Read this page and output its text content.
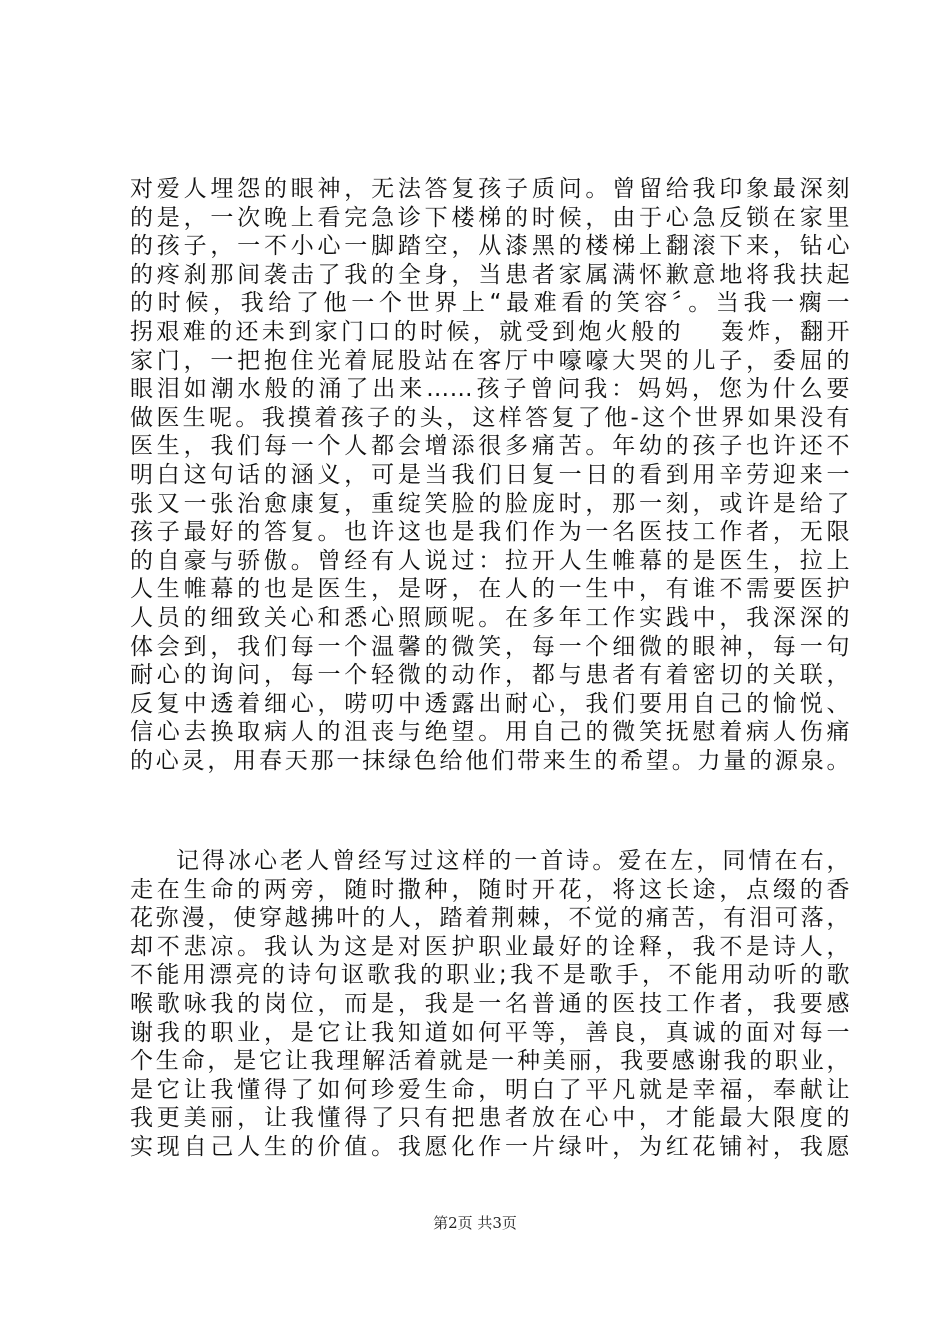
对爱人埋怨的眼神，无法答复孩子质问。曾留给我印象最深刻
的是，一次晚上看完急诊下楼梯的时候，由于心急反锁在家里
的孩子，一不小心一脚踏空，从漆黑的楼梯上翻滚下来，钻心
的疼刹那间袭击了我的全身，当患者家属满怀歉意地将我扶起
的时候，我给了他一个世界上“最难看的笑容〞。当我一瘸一
拐艰难的还未到家门口的时候，就受到炮火般的　 轰炸，翻开
家门，一把抱住光着屁股站在客厅中嚎嚎大哭的儿子，委屈的
眼泪如潮水般的涌了出来……孩子曾问我：妈妈，您为什么要
做医生呢。我摸着孩子的头，这样答复了他-这个世界如果没有
医生，我们每一个人都会增添很多痛苦。年幼的孩子也许还不
明白这句话的涵义，可是当我们日复一日的看到用辛劳迎来一
张又一张治愈康复，重绽笑脸的脸庞时，那一刻，或许是给了
孩子最好的答复。也许这也是我们作为一名医技工作者，无限
的自豪与骄傲。曾经有人说过：拉开人生帷幕的是医生，拉上
人生帷幕的也是医生，是呀，在人的一生中，有谁不需要医护
人员的细致关心和悉心照顾呢。在多年工作实践中，我深深的
体会到，我们每一个温馨的微笑，每一个细微的眼神，每一句
耐心的询问，每一个轻微的动作，都与患者有着密切的关联，
反复中透着细心，唠叨中透露出耐心，我们要用自己的愉悦、
信心去换取病人的沮丧与绝望。用自己的微笑抚慰着病人伤痛
的心灵，用春天那一抹绿色给他们带来生的希望。力量的源泉。
记得冰心老人曾经写过这样的一首诗。爱在左，同情在右，
走在生命的两旁，随时撒种，随时开花，将这长途，点缀的香
花弥漫，使穿越拂叶的人，踏着荆棘，不觉的痛苦，有泪可落，
却不悲凉。我认为这是对医护职业最好的诠释，我不是诗人，
不能用漂亮的诗句讴歌我的职业;我不是歌手，不能用动听的歌
喉歌咏我的岗位，而是，我是一名普通的医技工作者，我要感
谢我的职业，是它让我知道如何平等，善良，真诚的面对每一
个生命，是它让我理解活着就是一种美丽，我要感谢我的职业，
是它让我懂得了如何珍爱生命，明白了平凡就是幸福，奉献让
我更美丽，让我懂得了只有把患者放在心中，才能最大限度的
实现自己人生的价值。我愿化作一片绿叶，为红花铺衬，我愿
第2页 共3页
